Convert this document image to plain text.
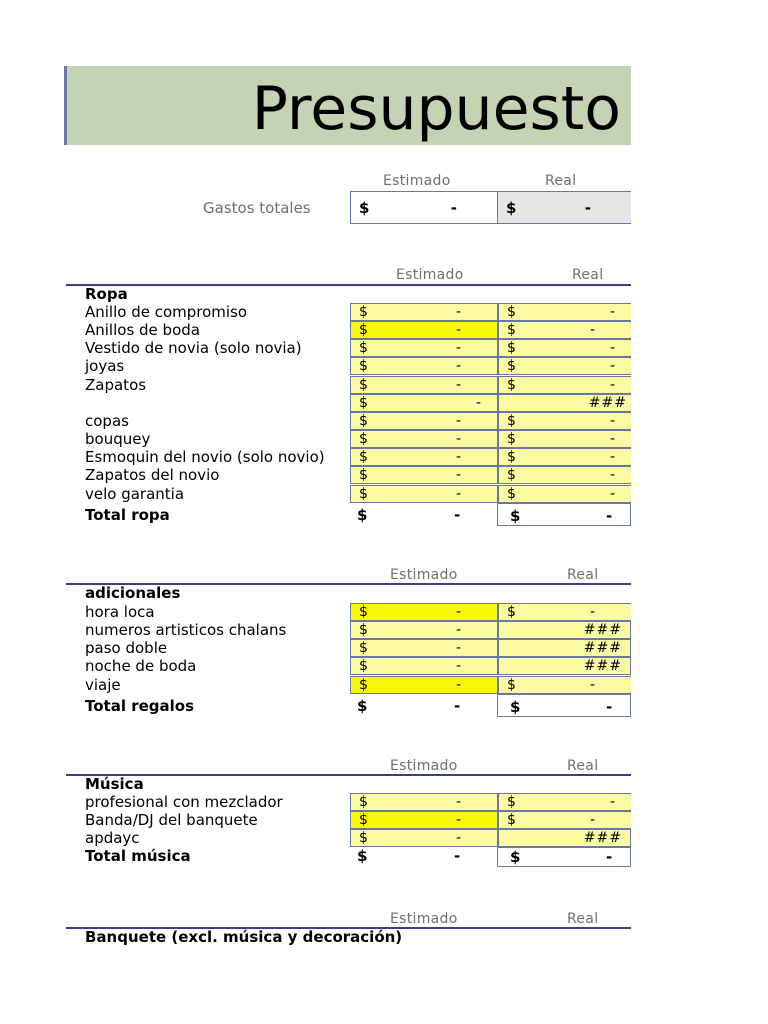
Presupuesto
Estimado	Real
Gastos totales	$	-	$	-
Estimado	Real
Ropa
Anillo de compromiso	$	-	$	-
Anillos de boda	$	-	$	-
Vestido de novia (solo novia)	$	-	$	-
joyas	$	-	$	-
Zapatos	$	-	$	-
$	-	###
copas	$	-	$	-
bouquey	$	-	$	-
Esmoquin del novio (solo novio) $	-	$	-
Zapatos del novio	$	-	$	-
velo garantia	$	-	$	-
Total ropa	$	-	$	-
Estimado	Real
adicionales
hora loca	$	-	$	-
numeros artisticos chalans	$	-	###
paso doble	$	-	###
noche de boda	$	-	###
viaje	$	-	$	-
Total regalos	$	-	$	-
Estimado	Real
Música
profesional con mezclador	$	-	$	-
Banda/DJ del banquete	$	-	$	-
apdayc	$	-	###
Total música	$	-	$	-
Estimado	Real
Banquete (excl. música y decoración)
